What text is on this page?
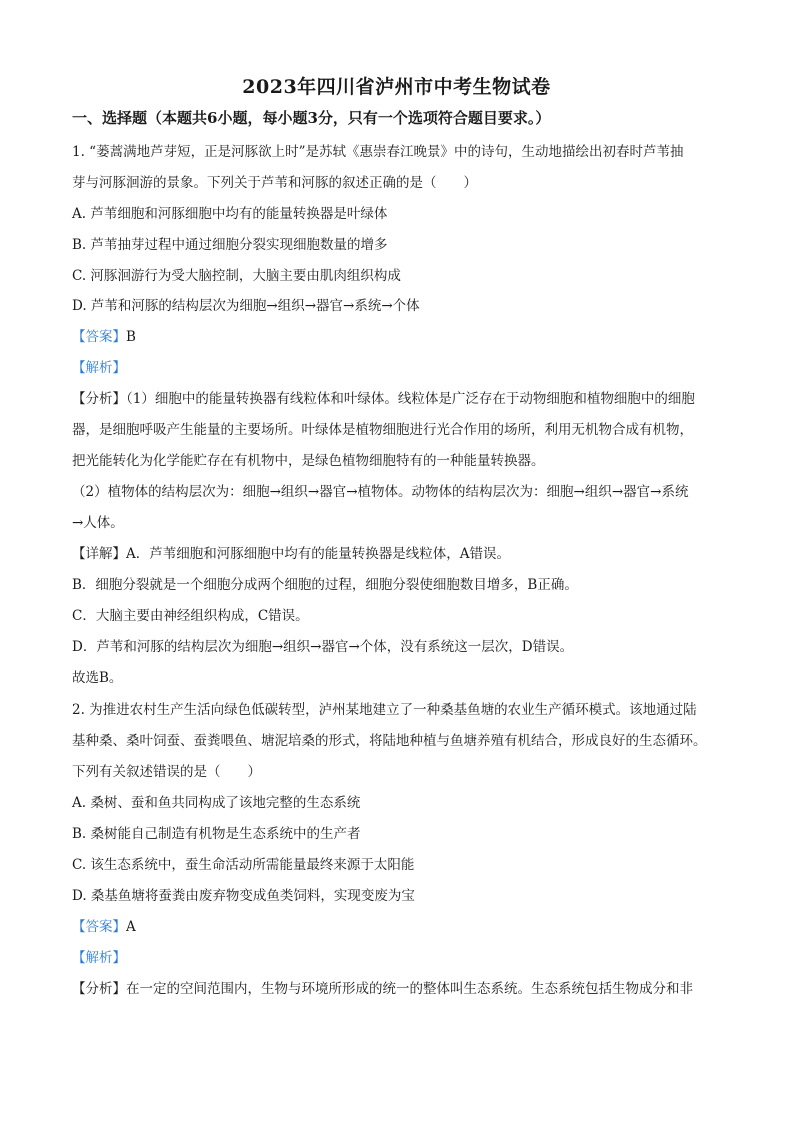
2023年四川省泸州市中考生物试卷
一、选择题（本题共6小题，每小题3分，只有一个选项符合题目要求。）
1. “蒌蒿满地芦芽短，正是河豚欲上时”是苏轼《惠崇春江晚景》中的诗句，生动地描绘出初春时芦苇抽
芽与河豚洄游的景象。下列关于芦苇和河豚的叙述正确的是（　　）
A. 芦苇细胞和河豚细胞中均有的能量转换器是叶绿体
B. 芦苇抽芽过程中通过细胞分裂实现细胞数量的增多
C. 河豚洄游行为受大脑控制，大脑主要由肌肉组织构成
D. 芦苇和河豚的结构层次为细胞→组织→器官→系统→个体
【答案】B
【解析】
【分析】（1）细胞中的能量转换器有线粒体和叶绿体。线粒体是广泛存在于动物细胞和植物细胞中的细胞
器，是细胞呼吸产生能量的主要场所。叶绿体是植物细胞进行光合作用的场所，利用无机物合成有机物，
把光能转化为化学能贮存在有机物中，是绿色植物细胞特有的一种能量转换器。
（2）植物体的结构层次为：细胞→组织→器官→植物体。动物体的结构层次为：细胞→组织→器官→系统
→人体。
【详解】A．芦苇细胞和河豚细胞中均有的能量转换器是线粒体，A错误。
B．细胞分裂就是一个细胞分成两个细胞的过程，细胞分裂使细胞数目增多，B正确。
C．大脑主要由神经组织构成，C错误。
D．芦苇和河豚的结构层次为细胞→组织→器官→个体，没有系统这一层次，D错误。
故选B。
2. 为推进农村生产生活向绿色低碳转型，泸州某地建立了一种桑基鱼塘的农业生产循环模式。该地通过陆
基种桑、桑叶饲蚕、蚕粪喂鱼、塘泥培桑的形式，将陆地种植与鱼塘养殖有机结合，形成良好的生态循环。
下列有关叙述错误的是（　　）
A. 桑树、蚕和鱼共同构成了该地完整的生态系统
B. 桑树能自己制造有机物是生态系统中的生产者
C. 该生态系统中，蚕生命活动所需能量最终来源于太阳能
D. 桑基鱼塘将蚕粪由废弃物变成鱼类饲料，实现变废为宝
【答案】A
【解析】
【分析】在一定的空间范围内，生物与环境所形成的统一的整体叫生态系统。生态系统包括生物成分和非
